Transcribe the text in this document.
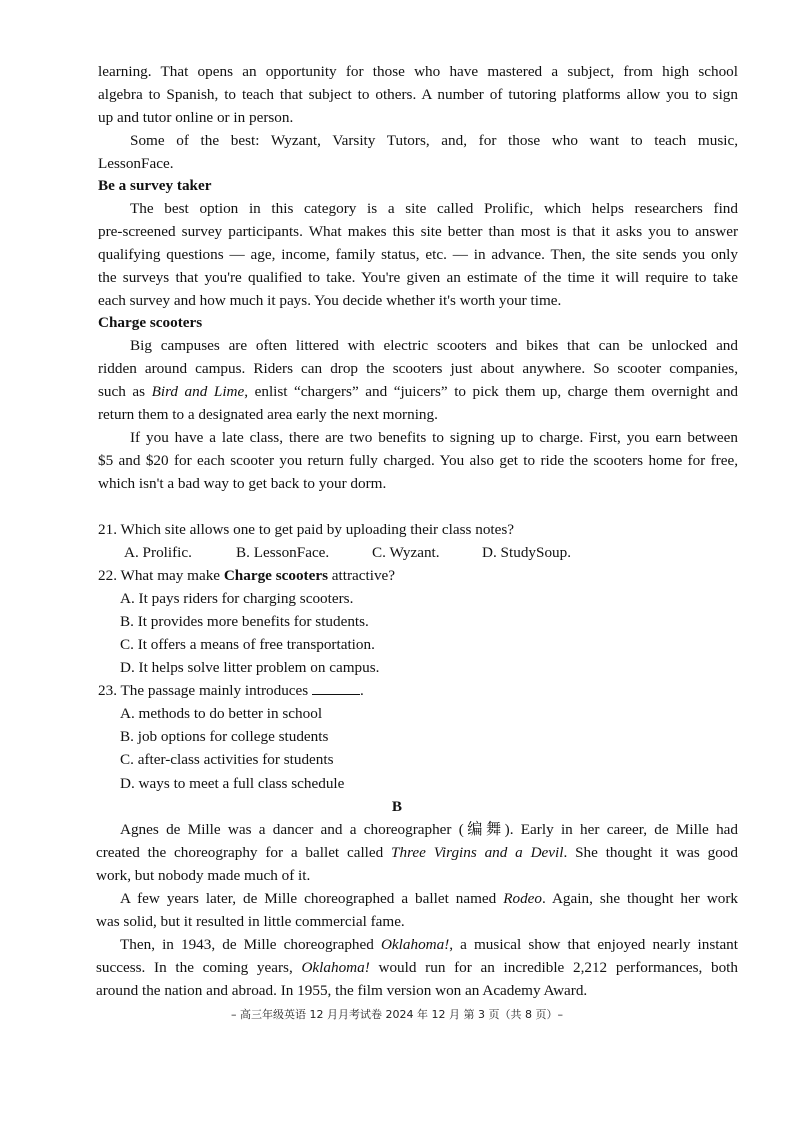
learning. That opens an opportunity for those who have mastered a subject, from high school
algebra to Spanish, to teach that subject to others. A number of tutoring platforms allow you to sign
up and tutor online or in person.
Some of the best: Wyzant, Varsity Tutors, and, for those who want to teach music,
LessonFace.
Be a survey taker
The best option in this category is a site called Prolific, which helps researchers find
pre-screened survey participants. What makes this site better than most is that it asks you to answer
qualifying questions — age, income, family status, etc. — in advance. Then, the site sends you only
the surveys that you're qualified to take. You're given an estimate of the time it will require to take
each survey and how much it pays. You decide whether it's worth your time.
Charge scooters
Big campuses are often littered with electric scooters and bikes that can be unlocked and
ridden around campus. Riders can drop the scooters just about anywhere. So scooter companies,
such as Bird and Lime, enlist “chargers” and “juicers” to pick them up, charge them overnight and
return them to a designated area early the next morning.
If you have a late class, there are two benefits to signing up to charge. First, you earn between
$5 and $20 for each scooter you return fully charged. You also get to ride the scooters home for free,
which isn't a bad way to get back to your dorm.
21. Which site allows one to get paid by uploading their class notes?
A. Prolific.	B. LessonFace.	C. Wyzant.	D. StudySoup.
22. What may make Charge scooters attractive?
A. It pays riders for charging scooters.
B. It provides more benefits for students.
C. It offers a means of free transportation.
D. It helps solve litter problem on campus.
23. The passage mainly introduces	.
A. methods to do better in school
B. job options for college students
C. after-class activities for students
D. ways to meet a full class schedule
B
Agnes de Mille was a dancer and a choreographer (编舞). Early in her career, de Mille had
created the choreography for a ballet called Three Virgins and a Devil. She thought it was good
work, but nobody made much of it.
A few years later, de Mille choreographed a ballet named Rodeo. Again, she thought her work
was solid, but it resulted in little commercial fame.
Then, in 1943, de Mille choreographed Oklahoma!, a musical show that enjoyed nearly instant
success. In the coming years, Oklahoma! would run for an incredible 2,212 performances, both
around the nation and abroad. In 1955, the film version won an Academy Award.
– 高三年级英语 12 月月考试卷 2024 年 12 月 第 3 页（共 8 页）–
